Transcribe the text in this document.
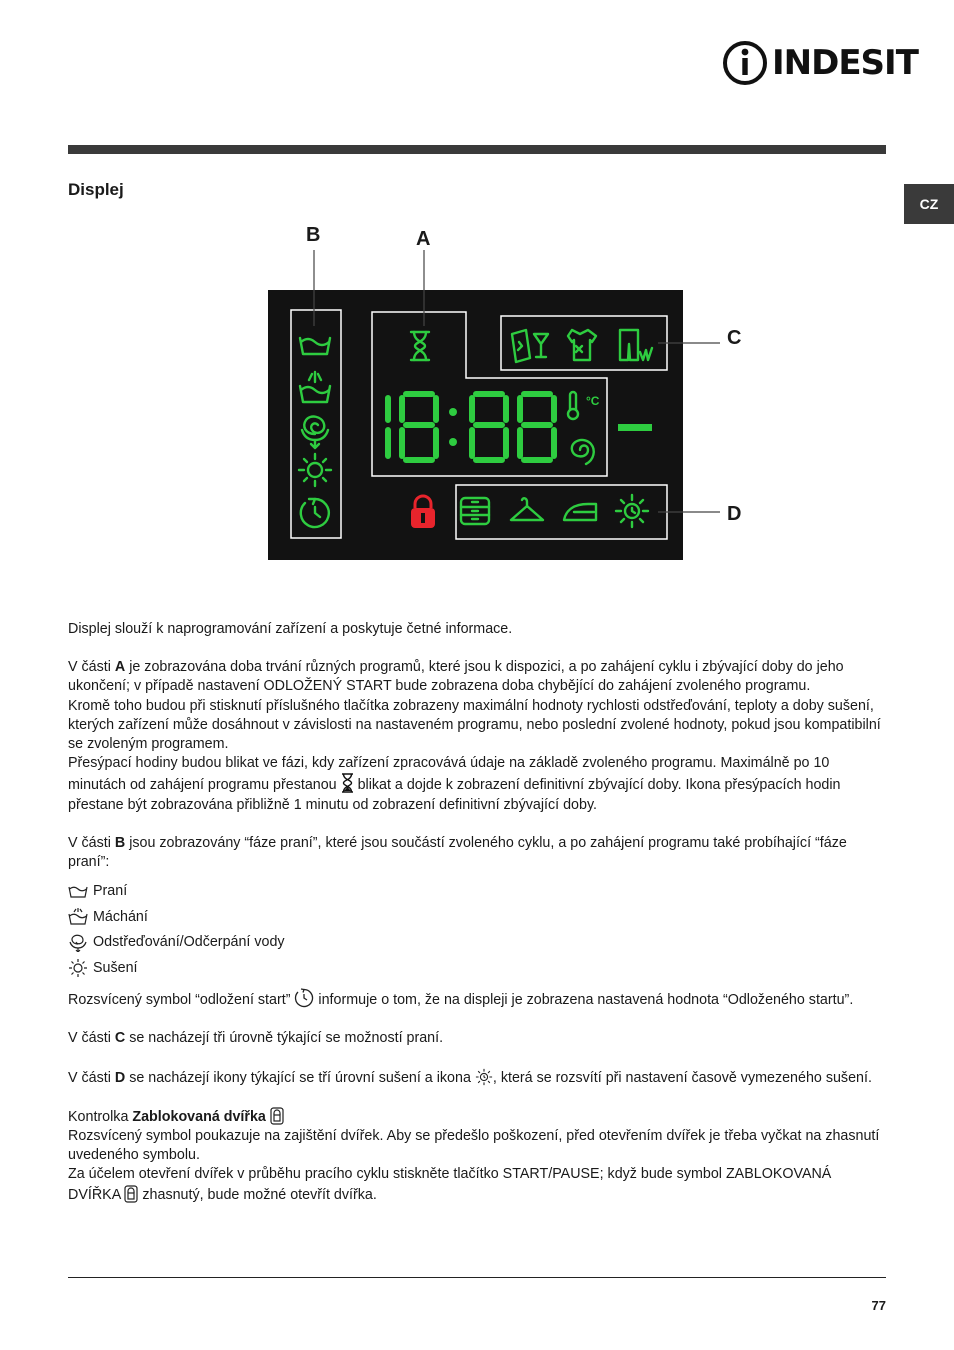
INDESIT
CZ
Displej
B	A
C
D
°C

Displej slouží k naprogramování zařízení a poskytuje četné informace.

V části A je zobrazována doba trvání různých programů, které jsou k dispozici, a po zahájení cyklu i zbývající doby do jeho ukončení; v případě nastavení ODLOŽENÝ START bude zobrazena doba chybějící do zahájení zvoleného programu.

Kromě toho budou při stisknutí příslušného tlačítka zobrazeny maximální hodnoty rychlosti odstřeďování, teploty a doby sušení, kterých zařízení může dosáhnout v závislosti na nastaveném programu, nebo poslední zvolené hodnoty, pokud jsou kompatibilní se zvoleným programem.

Přesýpací hodiny budou blikat ve fázi, kdy zařízení zpracovává údaje na základě zvoleného programu. Maximálně po 10 minutách od zahájení programu přestanou  blikat a dojde k zobrazení definitivní zbývající doby. Ikona přesýpacích hodin přestane být zobrazována přibližně 1 minutu od zobrazení definitivní zbývající doby.

V části B jsou zobrazovány “fáze praní”, které jsou součástí zvoleného cyklu, a po zahájení programu také probíhající “fáze praní”:

Praní
Máchání
Odstřeďování/Odčerpání vody
Sušení

Rozsvícený symbol “odložení start”  informuje o tom, že na displeji je zobrazena nastavená hodnota “Odloženého startu”.

V části C se nacházejí tři úrovně týkající se možností praní.

V části D se nacházejí ikony týkající se tří úrovní sušení a ikona , která se rozsvítí při nastavení časově vymezeného sušení.

Kontrolka Zablokovaná dvířka

Rozsvícený symbol poukazuje na zajištění dvířek. Aby se předešlo poškození, před otevřením dvířek je třeba vyčkat na zhasnutí uvedeného symbolu.

Za účelem otevření dvířek v průběhu pracího cyklu stiskněte tlačítko START/PAUSE; když bude symbol ZABLOKOVANÁ

DVÍŘKA  zhasnutý, bude možné otevřít dvířka.

77
